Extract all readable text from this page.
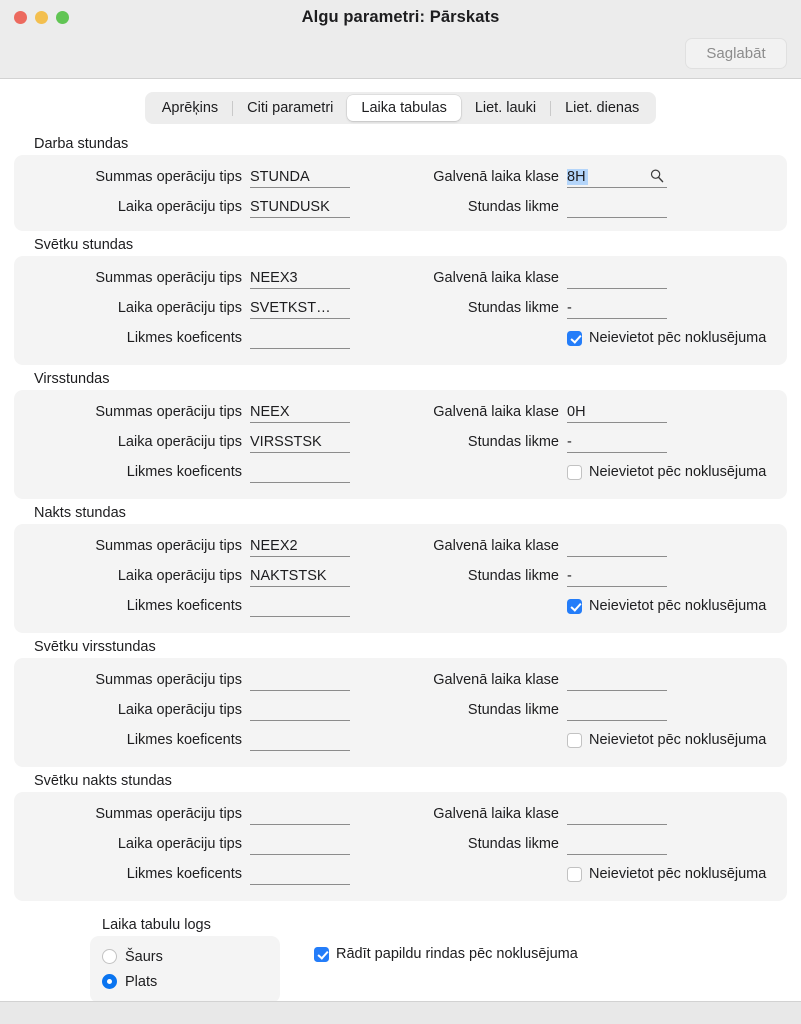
Algu parametri: Pārskats
Saglabāt
Aprēķins	Citi parametri	Laika tabulas	Liet. lauki	Liet. dienas
Darba stundas
Summas operāciju tips STUNDA	Galvenā laika klase 8H
Laika operāciju tips STUNDUSK	Stundas likme
Svētku stundas
Summas operāciju tips NEEX3	Galvenā laika klase
Laika operāciju tips SVETKST…	Stundas likme -
Likmes koeficents	Neievietot pēc noklusējuma
Virsstundas
Summas operāciju tips NEEX	Galvenā laika klase 0H
Laika operāciju tips VIRSSTSK	Stundas likme -
Likmes koeficents	Neievietot pēc noklusējuma
Nakts stundas
Summas operāciju tips NEEX2	Galvenā laika klase
Laika operāciju tips NAKTSTSK	Stundas likme -
Likmes koeficents	Neievietot pēc noklusējuma
Svētku virsstundas
Summas operāciju tips	Galvenā laika klase
Laika operāciju tips	Stundas likme
Likmes koeficents	Neievietot pēc noklusējuma
Svētku nakts stundas
Summas operāciju tips	Galvenā laika klase
Laika operāciju tips	Stundas likme
Likmes koeficents	Neievietot pēc noklusējuma
Laika tabulu logs
Šaurs
Plats
Rādīt papildu rindas pēc noklusējuma
